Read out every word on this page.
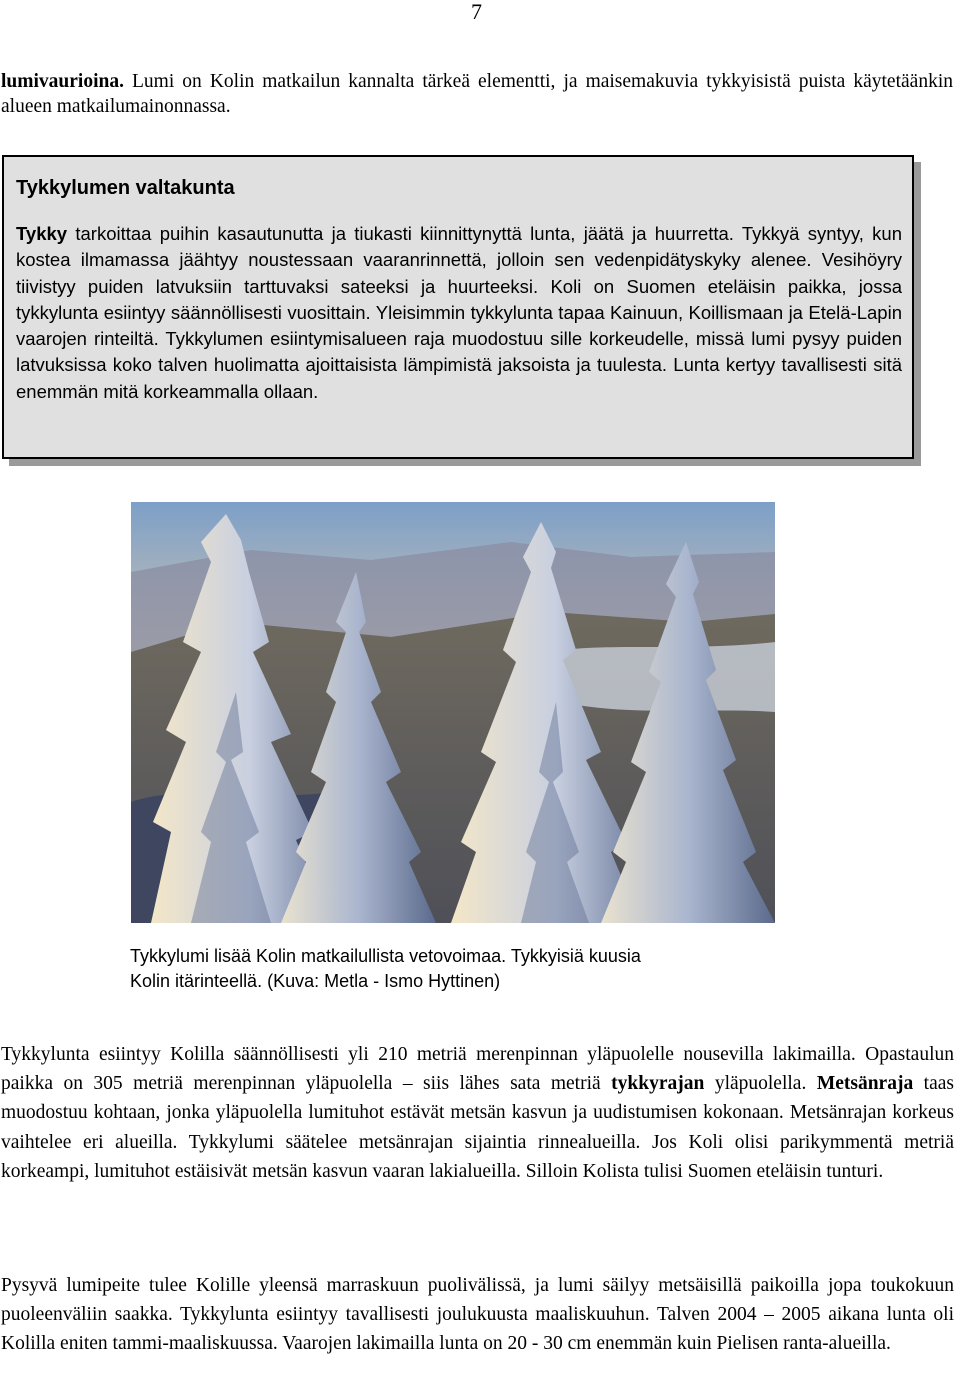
7

lumivaurioina. Lumi on Kolin matkailun kannalta tärkeä elementti, ja maisemakuvia tykkyisistä puista käytetäänkin alueen matkailumainonnassa.

Tykkylumen valtakunta

Tykky tarkoittaa puihin kasautunutta ja tiukasti kiinnittynyttä lunta, jäätä ja huurretta. Tykkyä syntyy, kun kostea ilmamassa jäähtyy noustessaan vaaranrinnettä, jolloin sen vedenpidätyskyky alenee. Vesihöyry tiivistyy puiden latvuksiin tarttuvaksi sateeksi ja huurteeksi. Koli on Suomen eteläisin paikka, jossa tykkylunta esiintyy säännöllisesti vuosittain. Yleisimmin tykkylunta tapaa Kainuun, Koillismaan ja Etelä-Lapin vaarojen rinteiltä. Tykkylumen esiintymisalueen raja muodostuu sille korkeudelle, missä lumi pysyy puiden latvuksissa koko talven huolimatta ajoittaisista lämpimistä jaksoista ja tuulesta. Lunta kertyy tavallisesti sitä enemmän mitä korkeammalla ollaan.

Tykkylumi lisää Kolin matkailullista vetovoimaa. Tykkyisiä kuusia
Kolin itärinteellä. (Kuva: Metla - Ismo Hyttinen)

Tykkylunta esiintyy Kolilla säännöllisesti yli 210 metriä merenpinnan yläpuolelle nousevilla lakimailla. Opastaulun paikka on 305 metriä merenpinnan yläpuolella – siis lähes sata metriä tykkyrajan yläpuolella. Metsänraja taas muodostuu kohtaan, jonka yläpuolella lumituhot estävät metsän kasvun ja uudistumisen kokonaan. Metsänrajan korkeus vaihtelee eri alueilla. Tykkylumi säätelee metsänrajan sijaintia rinnealueilla. Jos Koli olisi parikymmentä metriä korkeampi, lumituhot estäisivät metsän kasvun vaaran lakialueilla. Silloin Kolista tulisi Suomen eteläisin tunturi.

Pysyvä lumipeite tulee Kolille yleensä marraskuun puolivälissä, ja lumi säilyy metsäisillä paikoilla jopa toukokuun puoleenväliin saakka. Tykkylunta esiintyy tavallisesti joulukuusta maaliskuuhun. Talven 2004 – 2005 aikana lunta oli Kolilla eniten tammi-maaliskuussa. Vaarojen lakimailla lunta on 20 - 30 cm enemmän kuin Pielisen ranta-alueilla.
